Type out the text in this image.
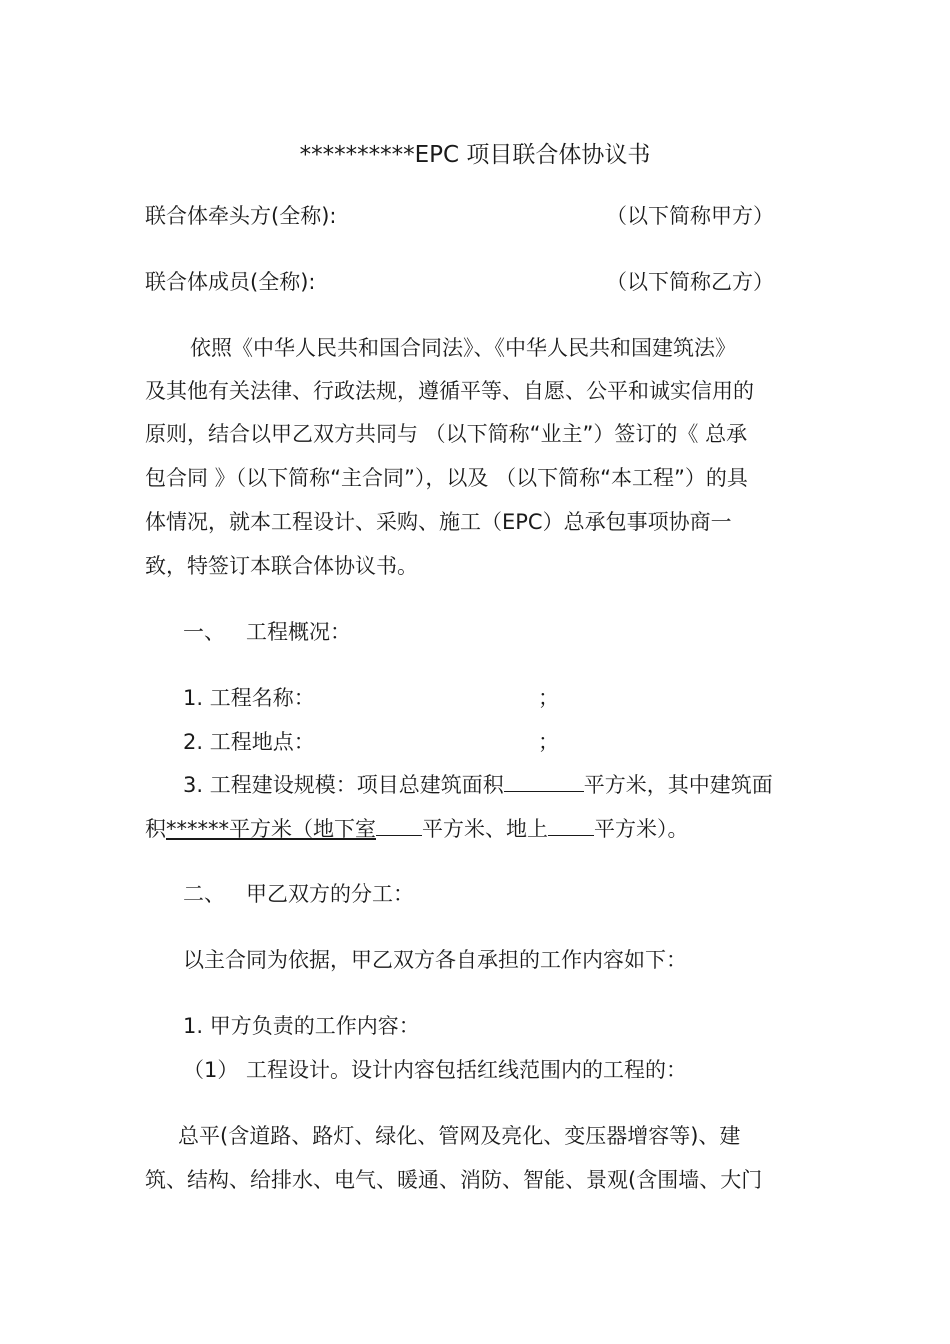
**********EPC 项目联合体协议书
联合体牵头方(全称):	（以下简称甲方）
联合体成员(全称):	（以下简称乙方）
依照《中华人民共和国合同法》、《中华人民共和国建筑法》
及其他有关法律、行政法规，遵循平等、自愿、公平和诚实信用的
原则，结合以甲乙双方共同与 （以下简称“业主”）签订的《 总承
包合同 》（以下简称“主合同”），以及 （以下简称“本工程”）的具
体情况，就本工程设计、采购、施工（EPC）总承包事项协商一
致，特签订本联合体协议书。
一、 工程概况：
1. 工程名称：	；
2. 工程地点：	；
3. 工程建设规模：项目总建筑面积	平方米，其中建筑面
积******平方米（地下室 平方米、地上 平方米）。
二、 甲乙双方的分工：
以主合同为依据，甲乙双方各自承担的工作内容如下：
1. 甲方负责的工作内容：
（1） 工程设计。设计内容包括红线范围内的工程的：
总平(含道路、路灯、绿化、管网及亮化、变压器增容等)、建
筑、结构、给排水、电气、暖通、消防、智能、景观(含围墙、大门
